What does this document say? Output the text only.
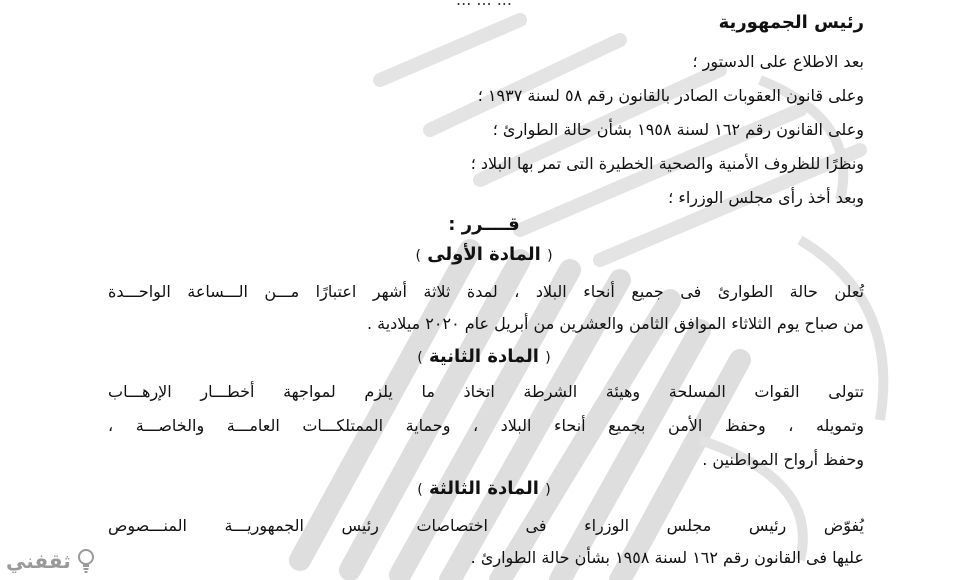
رئيس الجمهورية
بعد الاطلاع على الدستور ؛
وعلى قانون العقوبات الصادر بالقانون رقم ٥٨ لسنة ١٩٣٧ ؛
وعلى القانون رقم ١٦٢ لسنة ١٩٥٨ بشأن حالة الطوارئ ؛
ونظرًا للظروف الأمنية والصحية الخطيرة التى تمر بها البلاد ؛
وبعد أخذ رأى مجلس الوزراء ؛
قــــرر :
( المادة الأولى )
تُعلن حالة الطوارئ فى جميع أنحاء البلاد ، لمدة ثلاثة أشهر اعتبارًا مـــن الـــساعة الواحـــدة
من صباح يوم الثلاثاء الموافق الثامن والعشرين من أبريل عام ٢٠٢٠ ميلادية .
( المادة الثانية )
تتولى القوات المسلحة وهيئة الشرطة اتخاذ ما يلزم لمواجهة أخطـــار الإرهـــاب
وتمويله ، وحفظ الأمن بجميع أنحاء البلاد ، وحماية الممتلكـــات العامـــة والخاصـــة ،
وحفظ أرواح المواطنين .
( المادة الثالثة )
يُفوّض رئيس مجلس الوزراء فى اختصاصات رئيس الجمهوريـــة المنـــصوص
عليها فى القانون رقم ١٦٢ لسنة ١٩٥٨ بشأن حالة الطوارئ .
ثقفني
